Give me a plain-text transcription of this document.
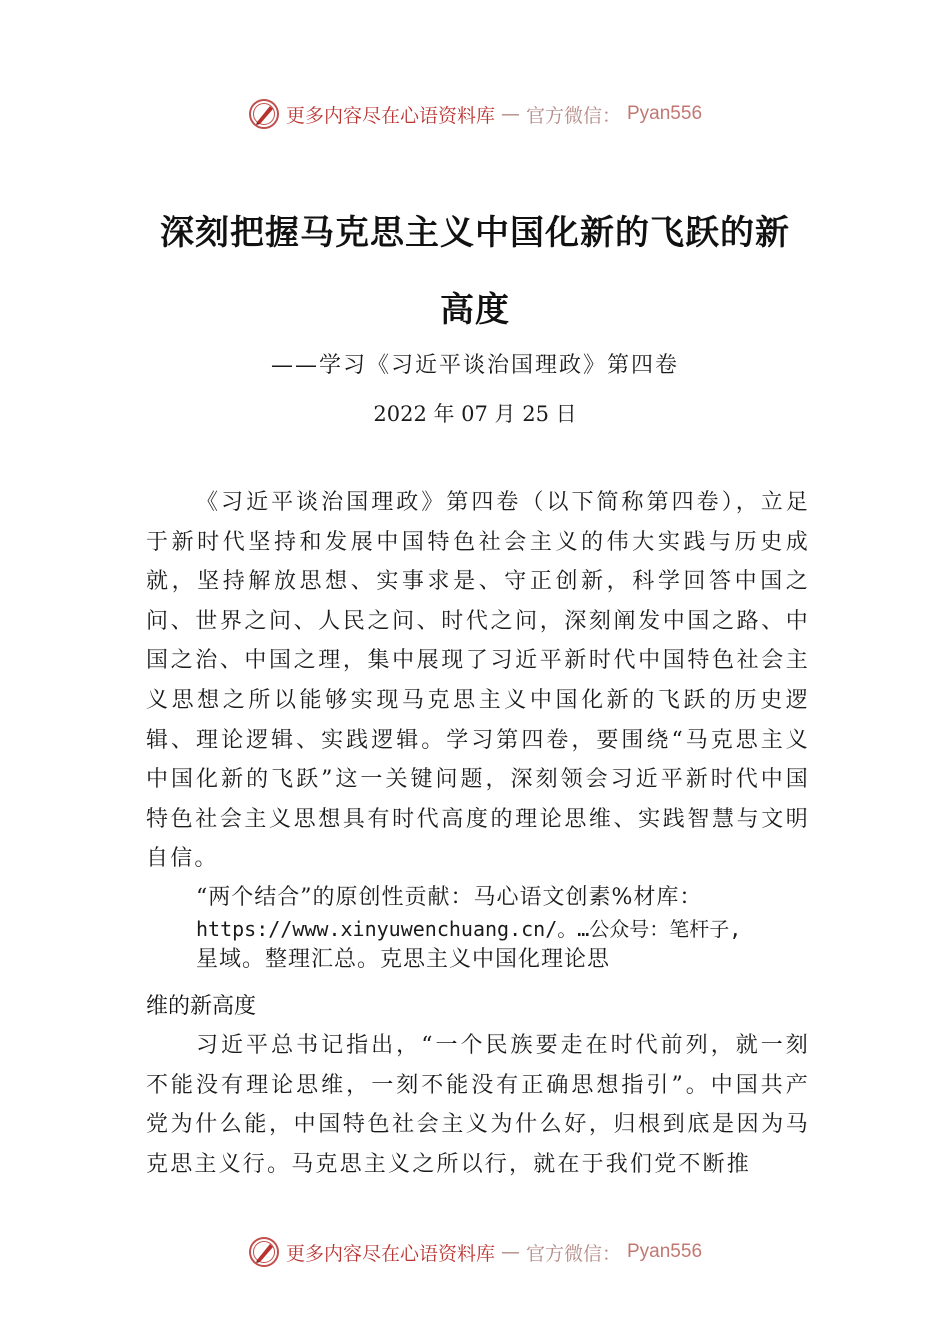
更多内容尽在心语资料库 — 官方微信： Pyan556
深刻把握马克思主义中国化新的飞跃的新
高度
——学习《习近平谈治国理政》第四卷
2022 年 07 月 25 日

《习近平谈治国理政》第四卷（以下简称第四卷），立足于新时代坚持和发展中国特色社会主义的伟大实践与历史成就，坚持解放思想、实事求是、守正创新，科学回答中国之问、世界之问、人民之问、时代之问，深刻阐发中国之路、中国之治、中国之理，集中展现了习近平新时代中国特色社会主义思想之所以能够实现马克思主义中国化新的飞跃的历史逻辑、理论逻辑、实践逻辑。学习第四卷，要围绕“马克思主义中国化新的飞跃”这一关键问题，深刻领会习近平新时代中国特色社会主义思想具有时代高度的理论思维、实践智慧与文明自信。

“两个结合”的原创性贡献：马心语文创素%材库：

https://www.xinyuwenchuang.cn/。…公众号：笔杆子,

星域。整理汇总。克思主义中国化理论思

维的新高度

习近平总书记指出，“一个民族要走在时代前列，就一刻不能没有理论思维，一刻不能没有正确思想指引”。中国共产党为什么能，中国特色社会主义为什么好，归根到底是因为马克思主义行。马克思主义之所以行，就在于我们党不断推

更多内容尽在心语资料库 — 官方微信： Pyan556
